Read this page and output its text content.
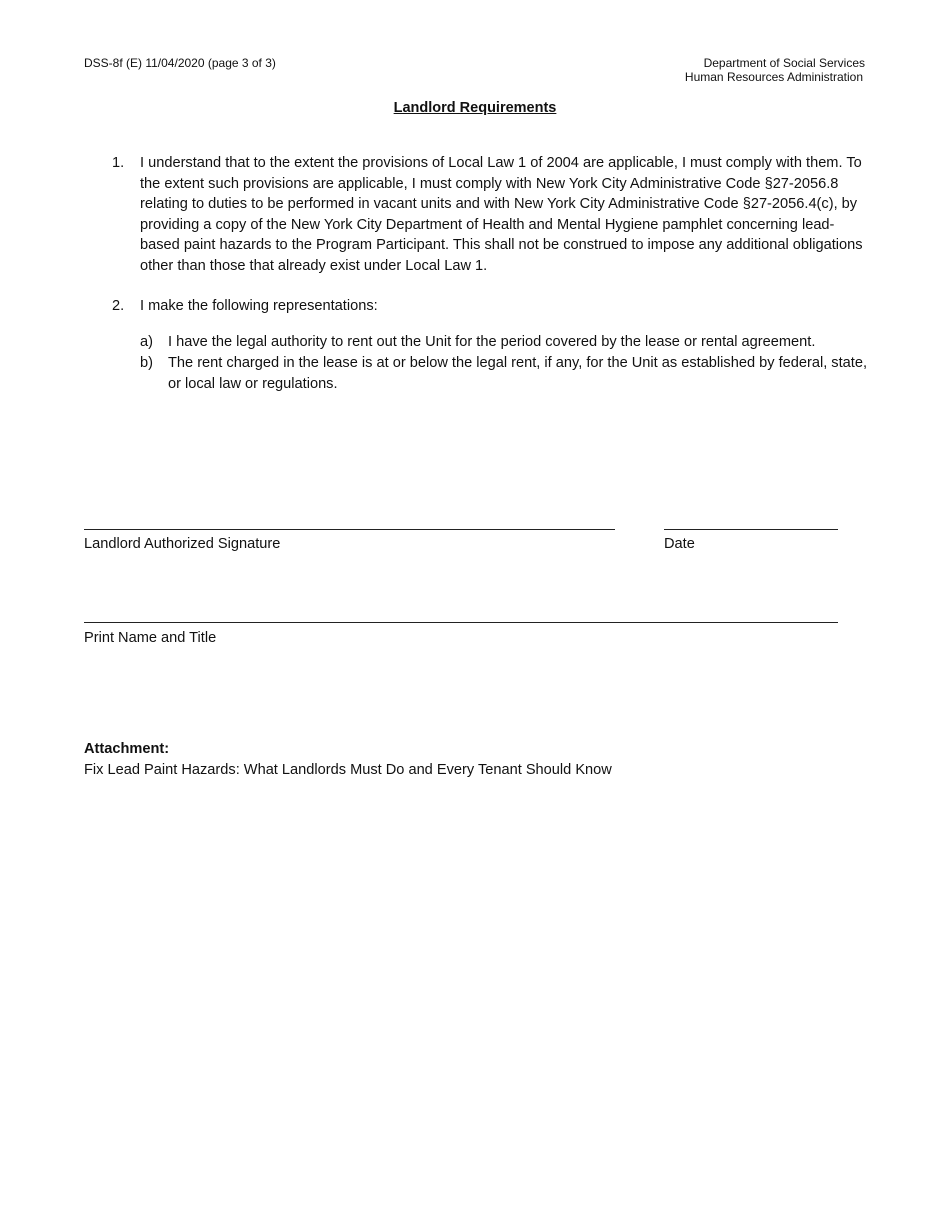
DSS-8f (E) 11/04/2020 (page 3 of 3)	Department of Social Services
Human Resources Administration
Landlord Requirements
1. I understand that to the extent the provisions of Local Law 1 of 2004 are applicable, I must comply with them. To the extent such provisions are applicable, I must comply with New York City Administrative Code §27-2056.8 relating to duties to be performed in vacant units and with New York City Administrative Code §27-2056.4(c), by providing a copy of the New York City Department of Health and Mental Hygiene pamphlet concerning lead-based paint hazards to the Program Participant. This shall not be construed to impose any additional obligations other than those that already exist under Local Law 1.
2. I make the following representations:
a) I have the legal authority to rent out the Unit for the period covered by the lease or rental agreement.
b) The rent charged in the lease is at or below the legal rent, if any, for the Unit as established by federal, state, or local law or regulations.
Landlord Authorized Signature	Date
Print Name and Title
Attachment:
Fix Lead Paint Hazards: What Landlords Must Do and Every Tenant Should Know
